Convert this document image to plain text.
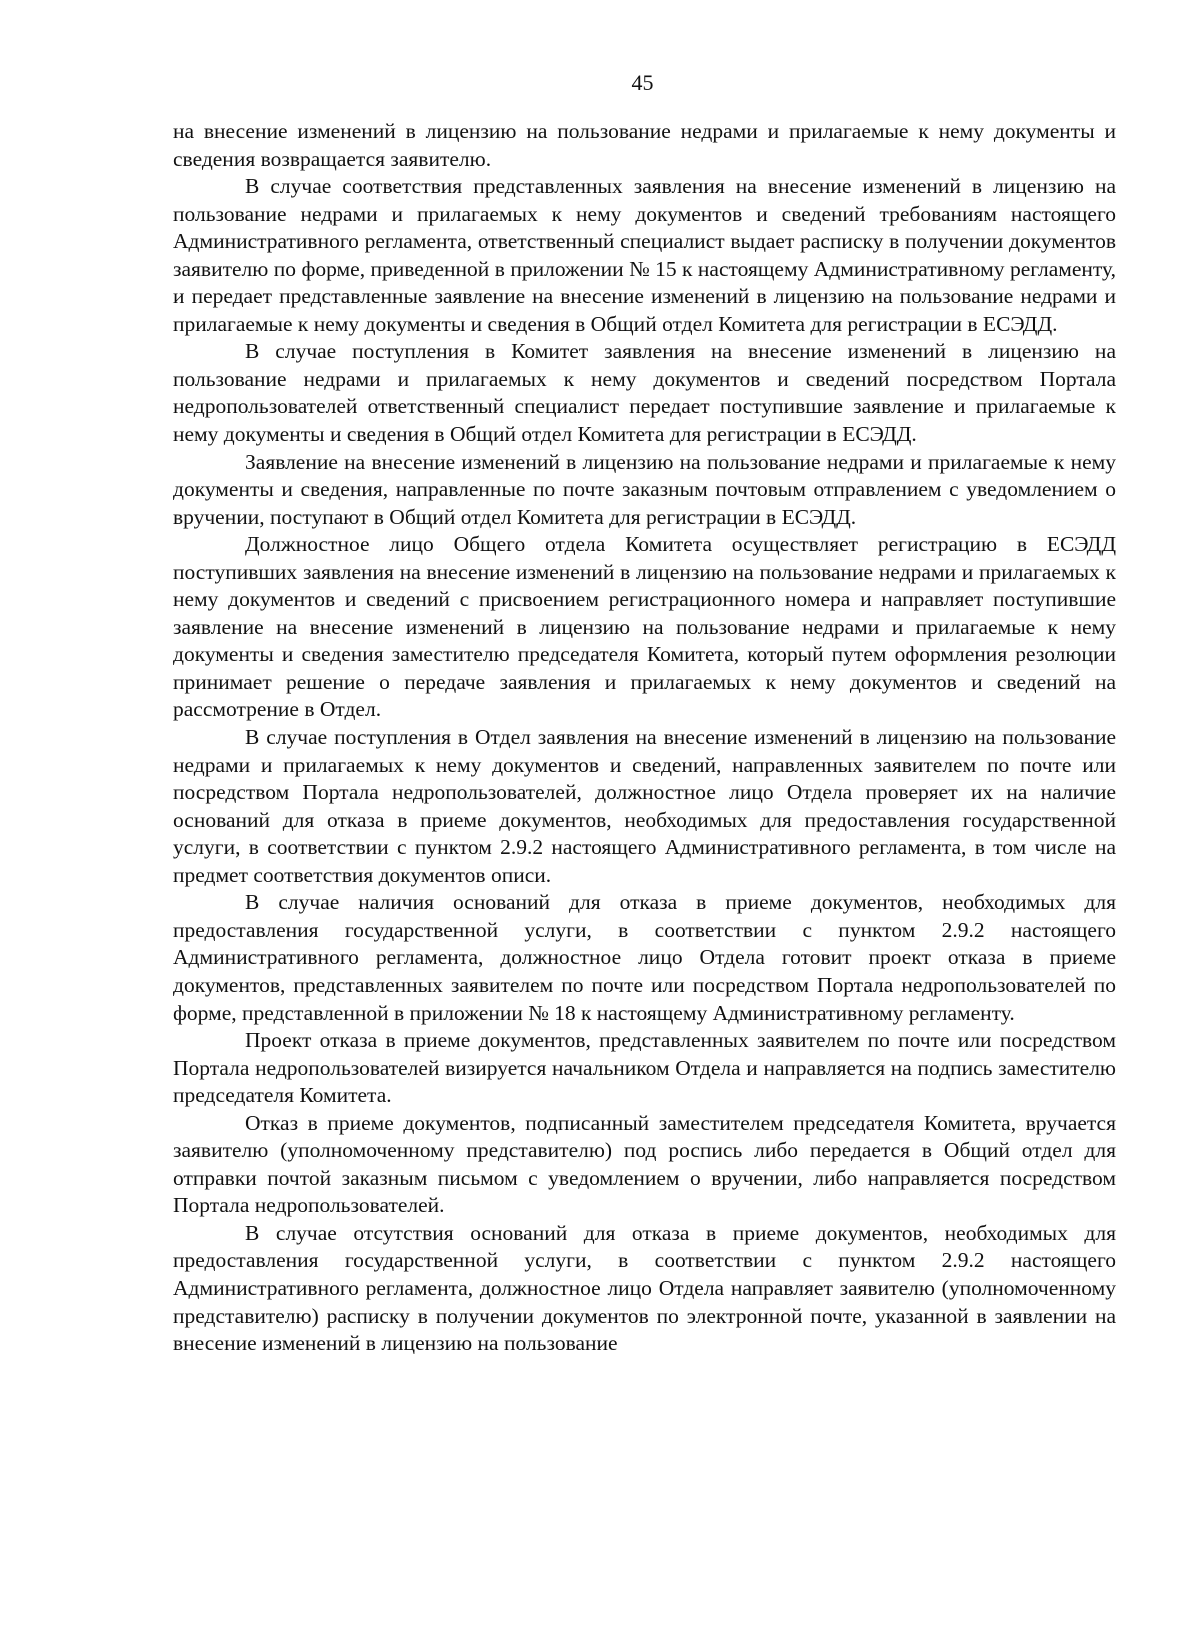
45

на внесение изменений в лицензию на пользование недрами и прилагаемые к нему документы и сведения возвращается заявителю.

В случае соответствия представленных заявления на внесение изменений в лицензию на пользование недрами и прилагаемых к нему документов и сведений требованиям настоящего Административного регламента, ответственный специалист выдает расписку в получении документов заявителю по форме, приведенной в приложении № 15 к настоящему Административному регламенту, и передает представленные заявление на внесение изменений в лицензию на пользование недрами и прилагаемые к нему документы и сведения в Общий отдел Комитета для регистрации в ЕСЭДД.

В случае поступления в Комитет заявления на внесение изменений в лицензию на пользование недрами и прилагаемых к нему документов и сведений посредством Портала недропользователей ответственный специалист передает поступившие заявление и прилагаемые к нему документы и сведения в Общий отдел Комитета для регистрации в ЕСЭДД.

Заявление на внесение изменений в лицензию на пользование недрами и прилагаемые к нему документы и сведения, направленные по почте заказным почтовым отправлением с уведомлением о вручении, поступают в Общий отдел Комитета для регистрации в ЕСЭДД.

Должностное лицо Общего отдела Комитета осуществляет регистрацию в ЕСЭДД поступивших заявления на внесение изменений в лицензию на пользование недрами и прилагаемых к нему документов и сведений с присвоением регистрационного номера и направляет поступившие заявление на внесение изменений в лицензию на пользование недрами и прилагаемые к нему документы и сведения заместителю председателя Комитета, который путем оформления резолюции принимает решение о передаче заявления и прилагаемых к нему документов и сведений на рассмотрение в Отдел.

В случае поступления в Отдел заявления на внесение изменений в лицензию на пользование недрами и прилагаемых к нему документов и сведений, направленных заявителем по почте или посредством Портала недропользователей, должностное лицо Отдела проверяет их на наличие оснований для отказа в приеме документов, необходимых для предоставления государственной услуги, в соответствии с пунктом 2.9.2 настоящего Административного регламента, в том числе на предмет соответствия документов описи.

В случае наличия оснований для отказа в приеме документов, необходимых для предоставления государственной услуги, в соответствии с пунктом 2.9.2 настоящего Административного регламента, должностное лицо Отдела готовит проект отказа в приеме документов, представленных заявителем по почте или посредством Портала недропользователей по форме, представленной в приложении № 18 к настоящему Административному регламенту.

Проект отказа в приеме документов, представленных заявителем по почте или посредством Портала недропользователей визируется начальником Отдела и направляется на подпись заместителю председателя Комитета.

Отказ в приеме документов, подписанный заместителем председателя Комитета, вручается заявителю (уполномоченному представителю) под роспись либо передается в Общий отдел для отправки почтой заказным письмом с уведомлением о вручении, либо направляется посредством Портала недропользователей.

В случае отсутствия оснований для отказа в приеме документов, необходимых для предоставления государственной услуги, в соответствии с пунктом 2.9.2 настоящего Административного регламента, должностное лицо Отдела направляет заявителю (уполномоченному представителю) расписку в получении документов по электронной почте, указанной в заявлении на внесение изменений в лицензию на пользование
